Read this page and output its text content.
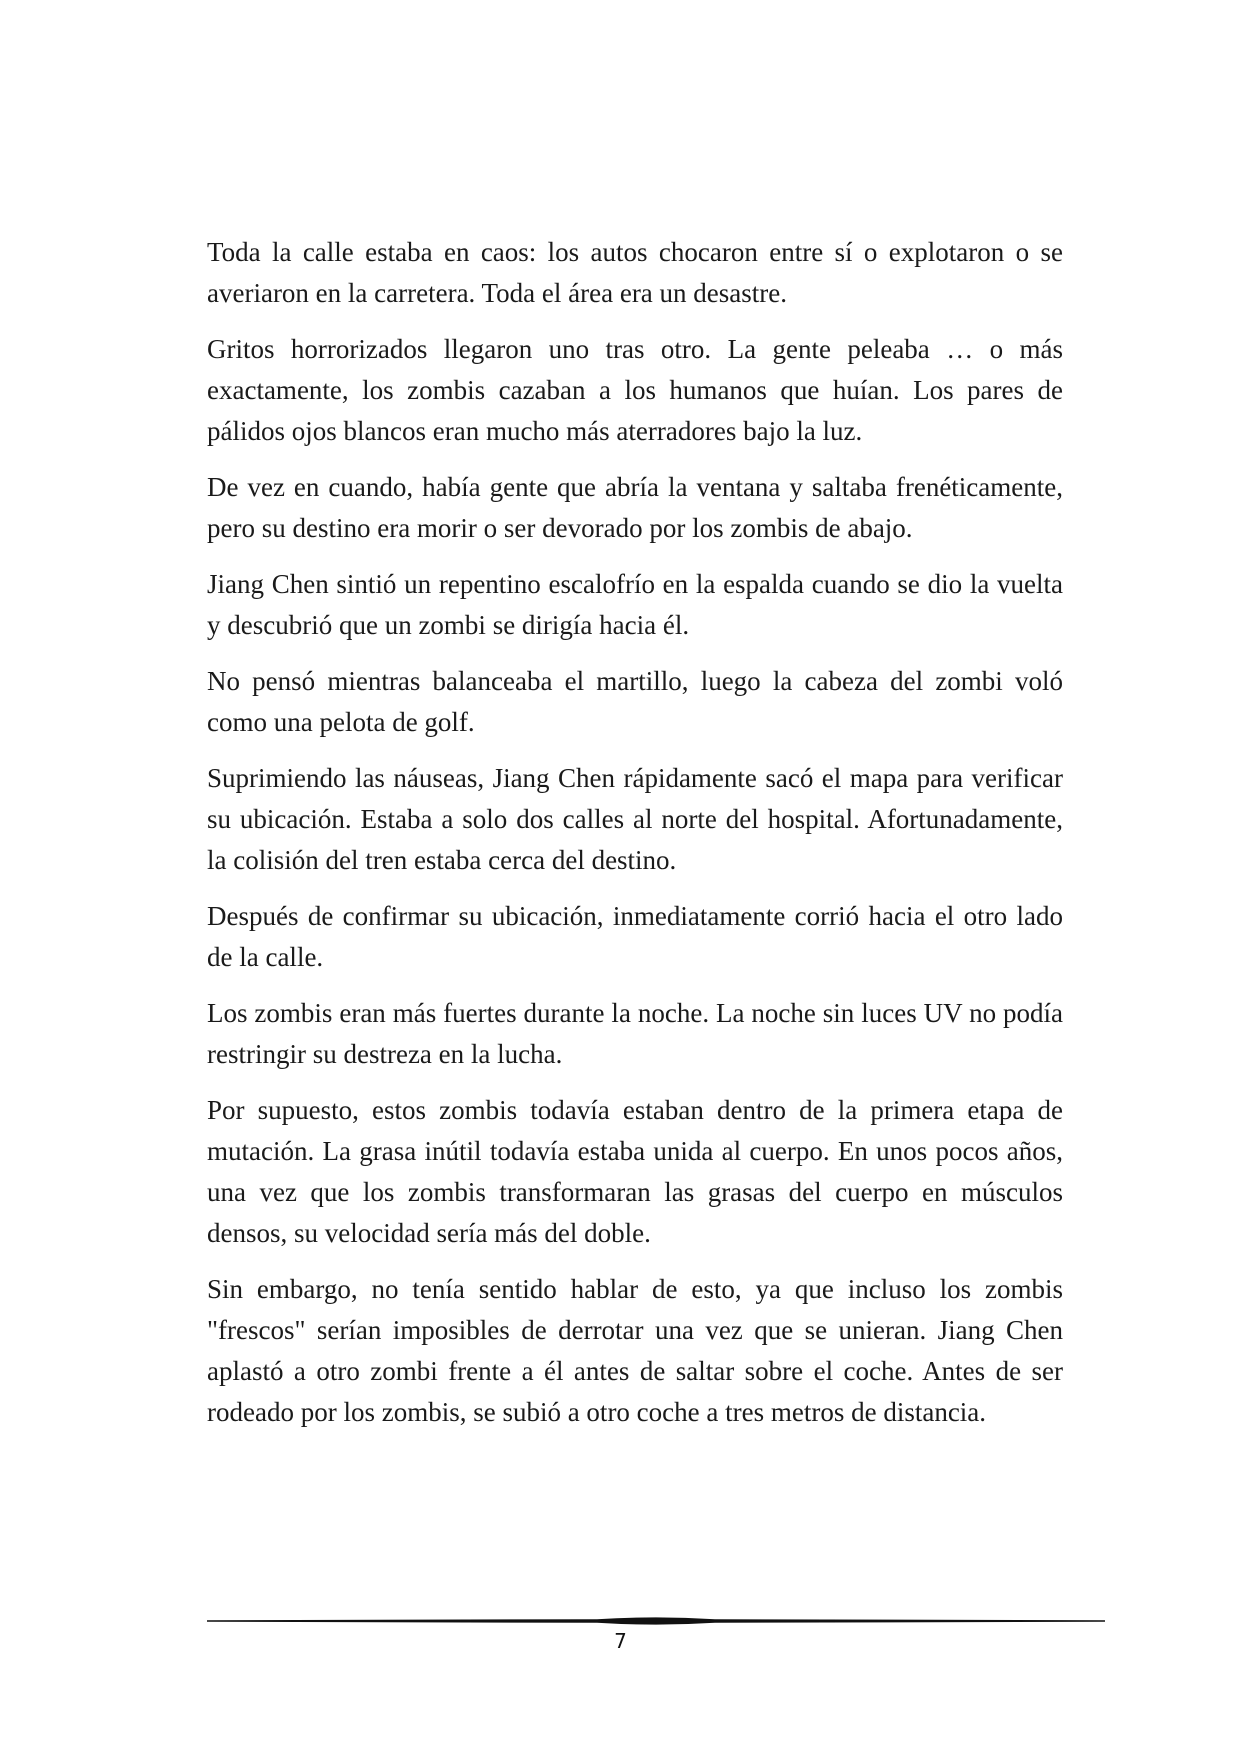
Toda la calle estaba en caos: los autos chocaron entre sí o explotaron o se averiaron en la carretera. Toda el área era un desastre.

Gritos horrorizados llegaron uno tras otro. La gente peleaba … o más exactamente, los zombis cazaban a los humanos que huían. Los pares de pálidos ojos blancos eran mucho más aterradores bajo la luz.

De vez en cuando, había gente que abría la ventana y saltaba frenéticamente, pero su destino era morir o ser devorado por los zombis de abajo.

Jiang Chen sintió un repentino escalofrío en la espalda cuando se dio la vuelta y descubrió que un zombi se dirigía hacia él.

No pensó mientras balanceaba el martillo, luego la cabeza del zombi voló como una pelota de golf.

Suprimiendo las náuseas, Jiang Chen rápidamente sacó el mapa para verificar su ubicación. Estaba a solo dos calles al norte del hospital. Afortunadamente, la colisión del tren estaba cerca del destino.

Después de confirmar su ubicación, inmediatamente corrió hacia el otro lado de la calle.

Los zombis eran más fuertes durante la noche. La noche sin luces UV no podía restringir su destreza en la lucha.

Por supuesto, estos zombis todavía estaban dentro de la primera etapa de mutación. La grasa inútil todavía estaba unida al cuerpo. En unos pocos años, una vez que los zombis transformaran las grasas del cuerpo en músculos densos, su velocidad sería más del doble.

Sin embargo, no tenía sentido hablar de esto, ya que incluso los zombis "frescos" serían imposibles de derrotar una vez que se unieran. Jiang Chen aplastó a otro zombi frente a él antes de saltar sobre el coche. Antes de ser rodeado por los zombis, se subió a otro coche a tres metros de distancia.

7
